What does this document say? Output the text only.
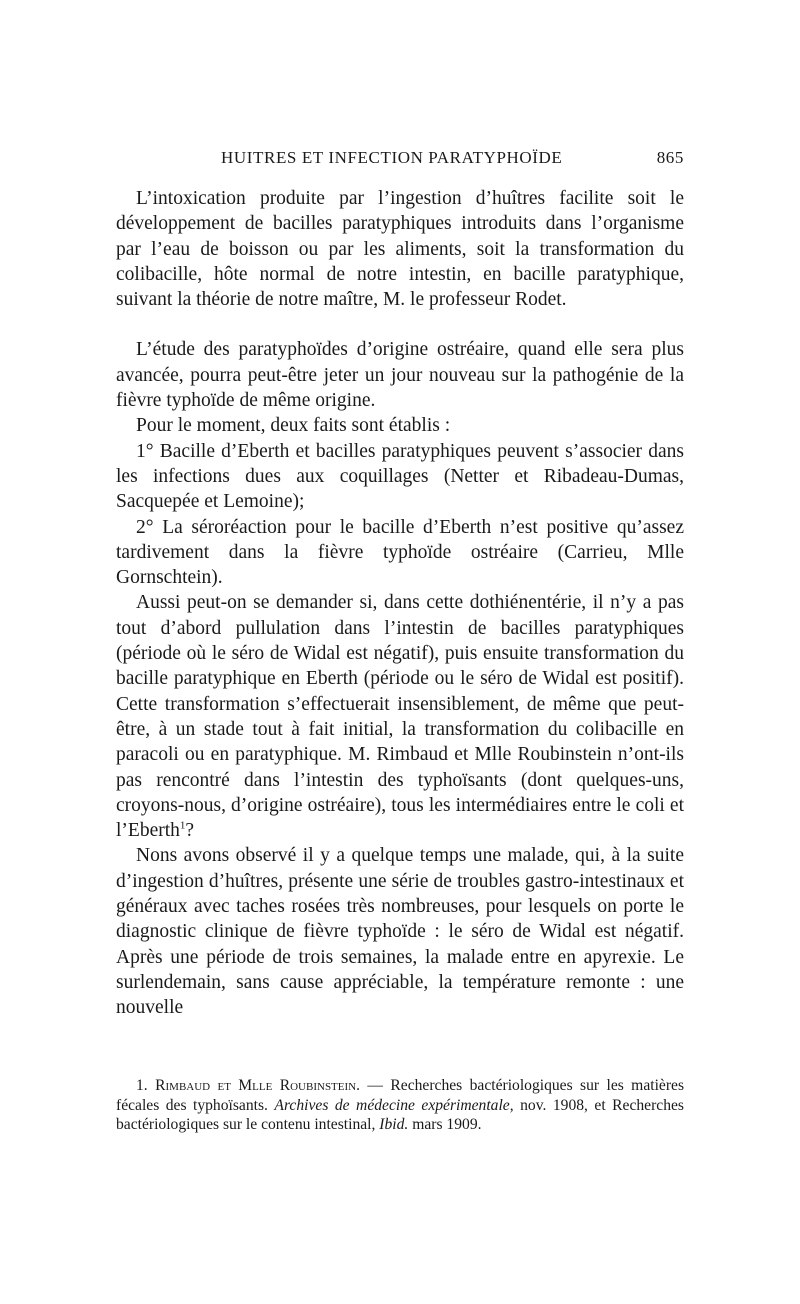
HUITRES ET INFECTION PARATYPHOÏDE	865

L’intoxication produite par l’ingestion d’huîtres facilite soit le développement de bacilles paratyphiques introduits dans l’organisme par l’eau de boisson ou par les aliments, soit la transformation du colibacille, hôte normal de notre intestin, en bacille paratyphique, suivant la théorie de notre maître, M. le professeur Rodet.

L’étude des paratyphoïdes d’origine ostréaire, quand elle sera plus avancée, pourra peut-être jeter un jour nouveau sur la pathogénie de la fièvre typhoïde de même origine.

Pour le moment, deux faits sont établis :

1° Bacille d’Eberth et bacilles paratyphiques peuvent s’associer dans les infections dues aux coquillages (Netter et Ribadeau-Dumas, Sacquepée et Lemoine);

2° La séroréaction pour le bacille d’Eberth n’est positive qu’assez tardivement dans la fièvre typhoïde ostréaire (Carrieu, Mlle Gornschtein).

Aussi peut-on se demander si, dans cette dothiénentérie, il n’y a pas tout d’abord pullulation dans l’intestin de bacilles paratyphiques (période où le séro de Widal est négatif), puis ensuite transformation du bacille paratyphique en Eberth (période ou le séro de Widal est positif). Cette transformation s’effectuerait insensiblement, de même que peut-être, à un stade tout à fait initial, la transformation du colibacille en paracoli ou en paratyphique. M. Rimbaud et Mlle Roubinstein n’ont-ils pas rencontré dans l’intestin des typhoïsants (dont quelques-uns, croyons-nous, d’origine ostréaire), tous les intermédiaires entre le coli et l’Eberth$^1$?

Nons avons observé il y a quelque temps une malade, qui, à la suite d’ingestion d’huîtres, présente une série de troubles gastro-intestinaux et généraux avec taches rosées très nombreuses, pour lesquels on porte le diagnostic clinique de fièvre typhoïde : le séro de Widal est négatif. Après une période de trois semaines, la malade entre en apyrexie. Le surlendemain, sans cause appréciable, la température remonte : une nouvelle

1. Rimbaud et Mlle Roubinstein. — Recherches bactériologiques sur les matières fécales des typhoïsants. Archives de médecine expérimentale, nov. 1908, et Recherches bactériologiques sur le contenu intestinal, Ibid. mars 1909.
